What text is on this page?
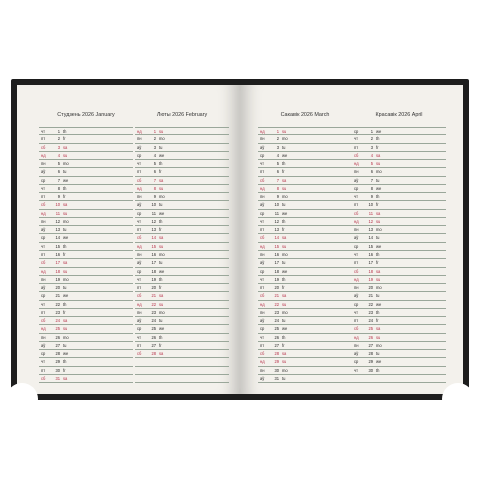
Студзень 2026 January
чт	1 th
пт	2 fr
сб	3 sa
нд	4 su
пн	5 mo
аў	6 tu
ср	7 we
чт	8 th
пт	9 fr
сб	10 sa
нд	11 su
пн	12 mo
аў	13 tu
ср	14 we
чт	15 th
пт	16 fr
сб	17 sa
нд	18 su
пн	19 mo
аў	20 tu
ср	21 we
чт	22 th
пт	23 fr
сб	24 sa
нд	25 su
пн	26 mo
аў	27 tu
ср	28 we
чт	29 th
пт	30 fr
сб	31 sa
Люты 2026 February
нд	1 su
пн	2 mo
аў	3 tu
ср	4 we
чт	5 th
пт	6 fr
сб	7 sa
нд	8 su
пн	9 mo
аў	10 tu
ср	11 we
чт	12 th
пт	13 fr
сб	14 sa
нд	15 su
пн	16 mo
аў	17 tu
ср	18 we
чт	19 th
пт	20 fr
сб	21 sa
нд	22 su
пн	23 mo
аў	24 tu
ср	25 we
чт	26 th
пт	27 fr
сб	28 sa
Сакавік 2026 March
нд	1 su
пн	2 mo
аў	3 tu
ср	4 we
чт	5 th
пт	6 fr
сб	7 sa
нд	8 su
пн	9 mo
аў	10 tu
ср	11 we
чт	12 th
пт	13 fr
сб	14 sa
нд	15 su
пн	16 mo
аў	17 tu
ср	18 we
чт	19 th
пт	20 fr
сб	21 sa
нд	22 su
пн	23 mo
аў	24 tu
ср	25 we
чт	26 th
пт	27 fr
сб	28 sa
нд	29 su
пн	30 mo
аў	31 tu
Красавік 2026 April
ср	1 we
чт	2 th
пт	3 fr
сб	4 sa
нд	5 su
пн	6 mo
аў	7 tu
ср	8 we
чт	9 th
пт	10 fr
сб	11 sa
нд	12 su
пн	13 mo
аў	14 tu
ср	15 we
чт	16 th
пт	17 fr
сб	18 sa
нд	19 su
пн	20 mo
аў	21 tu
ср	22 we
чт	23 th
пт	24 fr
сб	25 sa
нд	26 su
пн	27 mo
аў	28 tu
ср	29 we
чт	30 th
